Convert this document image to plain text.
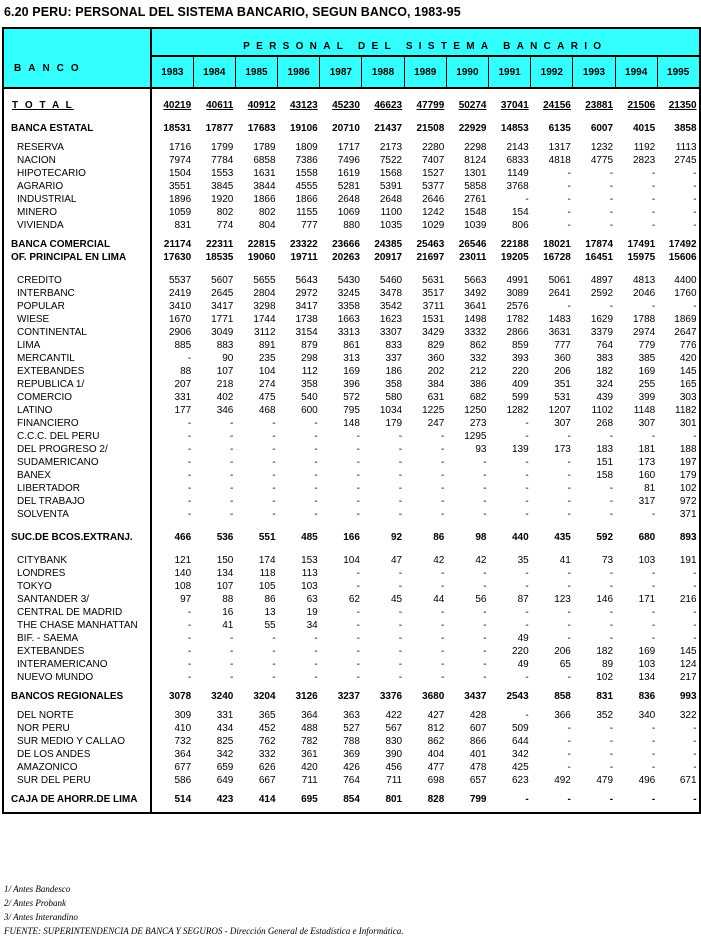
6.20 PERU: PERSONAL DEL SISTEMA BANCARIO, SEGUN BANCO, 1983-95
	PERSONAL DEL SISTEMA BANCARIO												
BANCO	1983	1984	1985	1986	1987	1988	1989	1990	1991	1992	1993	1994	1995

T O T A L	40219	40611	40912	43123	45230	46623	47799	50274	37041	24156	23881	21506	21350

BANCA ESTATAL	18531	17877	17683	19106	20710	21437	21508	22929	14853	6135	6007	4015	3858

RESERVA	1716	1799	1789	1809	1717	2173	2280	2298	2143	1317	1232	1192	1113
NACION	7974	7784	6858	7386	7496	7522	7407	8124	6833	4818	4775	2823	2745
HIPOTECARIO	1504	1553	1631	1558	1619	1568	1527	1301	1149	-	-	-	-
AGRARIO	3551	3845	3844	4555	5281	5391	5377	5858	3768	-	-	-	-
INDUSTRIAL	1896	1920	1866	1866	2648	2648	2646	2761	-	-	-	-	-
MINERO	1059	802	802	1155	1069	1100	1242	1548	154	-	-	-	-
VIVIENDA	831	774	804	777	880	1035	1029	1039	806	-	-	-	-

BANCA COMERCIAL	21174	22311	22815	23322	23666	24385	25463	26546	22188	18021	17874	17491	17492
OF. PRINCIPAL EN LIMA	17630	18535	19060	19711	20263	20917	21697	23011	19205	16728	16451	15975	15606

CREDITO	5537	5607	5655	5643	5430	5460	5631	5663	4991	5061	4897	4813	4400
INTERBANC	2419	2645	2804	2972	3245	3478	3517	3492	3089	2641	2592	2046	1760
POPULAR	3410	3417	3298	3417	3358	3542	3711	3641	2576	-	-	-	-
WIESE	1670	1771	1744	1738	1663	1623	1531	1498	1782	1483	1629	1788	1869
CONTINENTAL	2906	3049	3112	3154	3313	3307	3429	3332	2866	3631	3379	2974	2647
LIMA	885	883	891	879	861	833	829	862	859	777	764	779	776
MERCANTIL	-	90	235	298	313	337	360	332	393	360	383	385	420
EXTEBANDES	88	107	104	112	169	186	202	212	220	206	182	169	145
REPUBLICA 1/	207	218	274	358	396	358	384	386	409	351	324	255	165
COMERCIO	331	402	475	540	572	580	631	682	599	531	439	399	303
LATINO	177	346	468	600	795	1034	1225	1250	1282	1207	1102	1148	1182
FINANCIERO	-	-	-	-	148	179	247	273	-	307	268	307	301
C.C.C. DEL PERU	-	-	-	-	-	-	-	1295	-	-	-	-	-
DEL PROGRESO 2/	-	-	-	-	-	-	-	93	139	173	183	181	188
SUDAMERICANO	-	-	-	-	-	-	-	-	-	-	151	173	197
BANEX	-	-	-	-	-	-	-	-	-	-	158	160	179
LIBERTADOR	-	-	-	-	-	-	-	-	-	-	-	81	102
DEL TRABAJO	-	-	-	-	-	-	-	-	-	-	-	317	972
SOLVENTA	-	-	-	-	-	-	-	-	-	-	-	-	371

SUC.DE BCOS.EXTRANJ.	466	536	551	485	166	92	86	98	440	435	592	680	893

CITYBANK	121	150	174	153	104	47	42	42	35	41	73	103	191
LONDRES	140	134	118	113	-	-	-	-	-	-	-	-	-
TOKYO	108	107	105	103	-	-	-	-	-	-	-	-	-
SANTANDER 3/	97	88	86	63	62	45	44	56	87	123	146	171	216
CENTRAL DE MADRID	-	16	13	19	-	-	-	-	-	-	-	-	-
THE CHASE MANHATTAN	-	41	55	34	-	-	-	-	-	-	-	-	-
BIF. - SAEMA	-	-	-	-	-	-	-	-	49	-	-	-	-
EXTEBANDES	-	-	-	-	-	-	-	-	220	206	182	169	145
INTERAMERICANO	-	-	-	-	-	-	-	-	49	65	89	103	124
NUEVO MUNDO	-	-	-	-	-	-	-	-	-	-	102	134	217

BANCOS REGIONALES	3078	3240	3204	3126	3237	3376	3680	3437	2543	858	831	836	993

DEL NORTE	309	331	365	364	363	422	427	428	-	366	352	340	322
NOR PERU	410	434	452	488	527	567	812	607	509	-	-	-	-
SUR MEDIO Y CALLAO	732	825	762	782	788	830	862	866	644	-	-	-	-
DE LOS ANDES	364	342	332	361	369	390	404	401	342	-	-	-	-
AMAZONICO	677	659	626	420	426	456	477	478	425	-	-	-	-
SUR DEL PERU	586	649	667	711	764	711	698	657	623	492	479	496	671

CAJA DE AHORR.DE LIMA	514	423	414	695	854	801	828	799	-	-	-	-	-

1/ Antes Bandesco
2/ Antes Probank
3/ Antes Interandino
FUENTE: SUPERINTENDENCIA DE BANCA Y SEGUROS - Dirección General de Estadística e Informática.
